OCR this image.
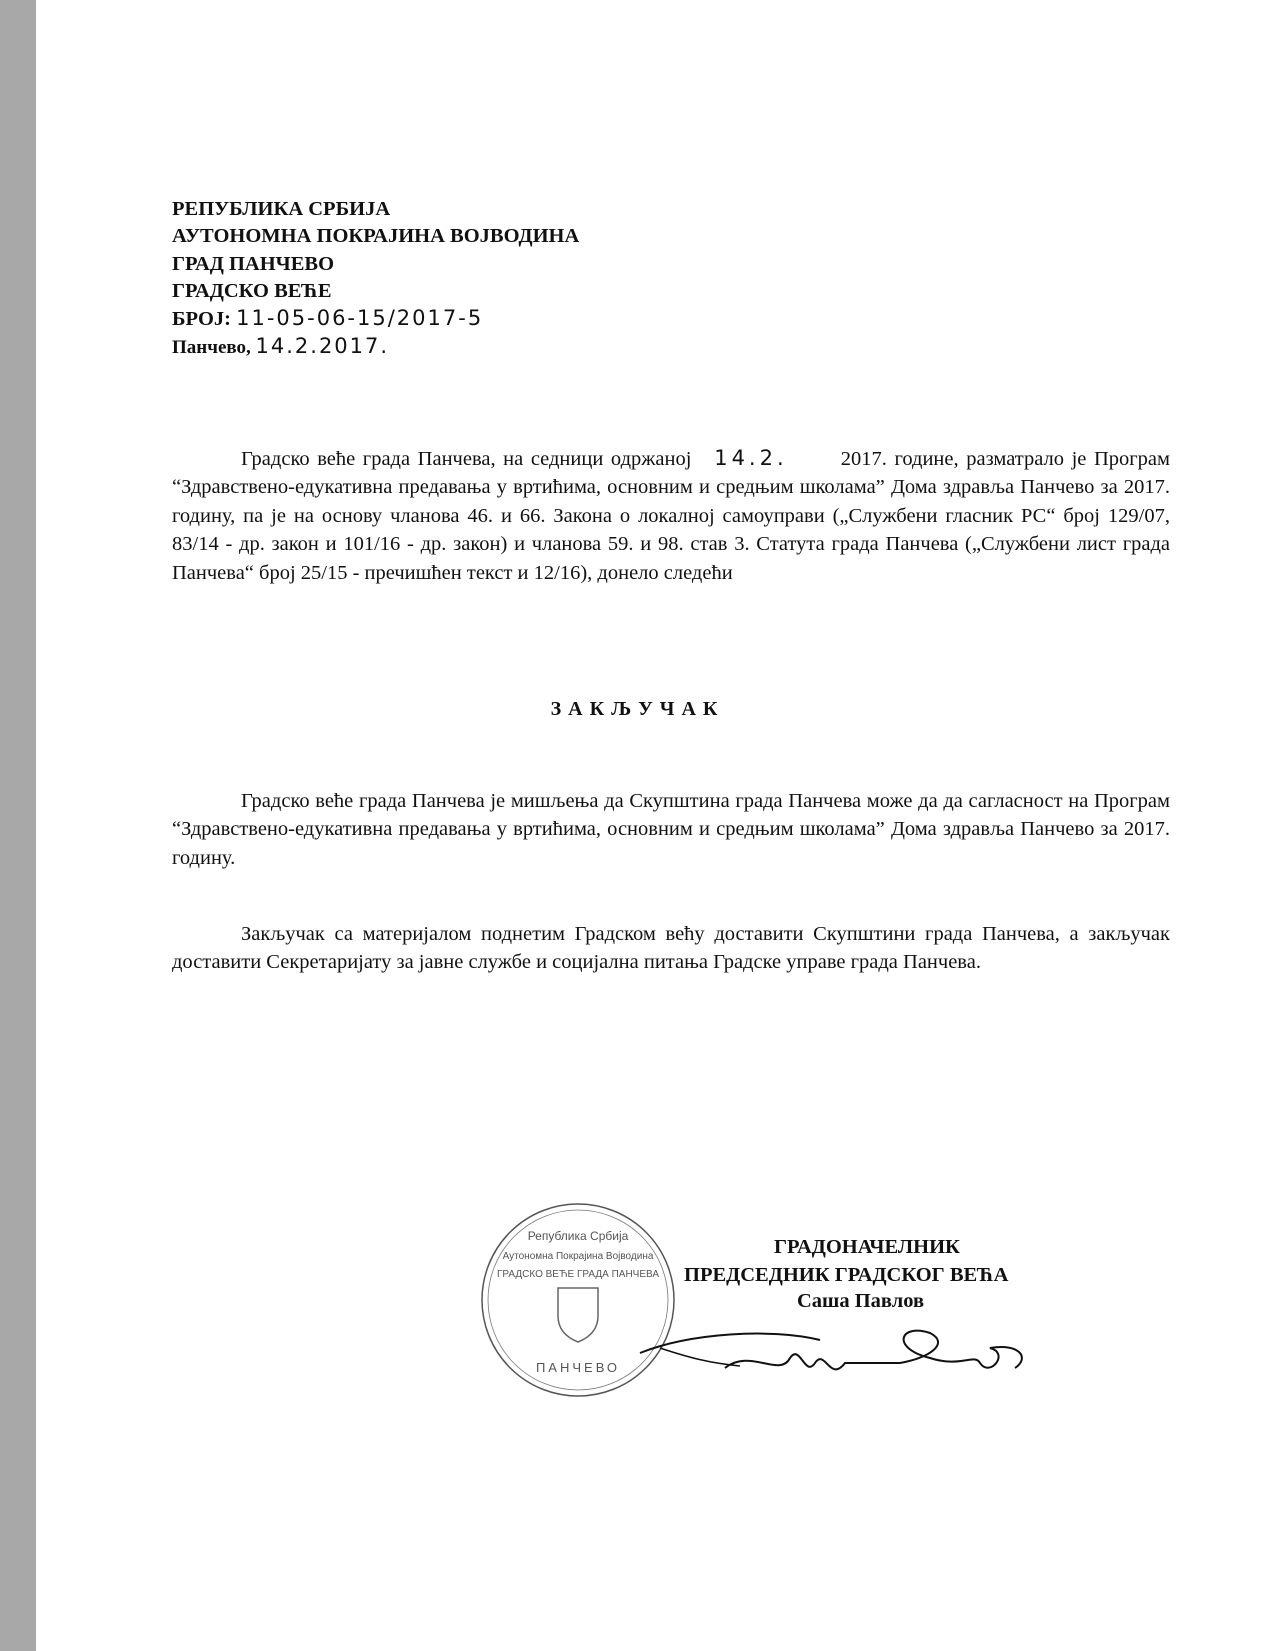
РЕПУБЛИКА СРБИЈА
АУТОНОМНА ПОКРАЈИНА ВОЈВОДИНА
ГРАД ПАНЧЕВО
ГРАДСКО ВЕЋЕ
БРОЈ: 11-05-06-15/2017-5
Панчево, 14.2.2017.
Градско веће града Панчева, на седници одржаној 14.2.	2017. године, разматрало је Програм “Здравствено-едукативна предавања у вртићима, основним и средњим школама” Дома здравља Панчево за 2017. годину, па је на основу чланова 46. и 66. Закона о локалној самоуправи („Службени гласник РС“ број 129/07, 83/14 - др. закон и 101/16 - др. закон) и чланова 59. и 98. став 3. Статута града Панчева („Службени лист града Панчева“ број 25/15 - пречишћен текст и 12/16), донело следећи
ЗАКЉУЧАК
Градско веће града Панчева је мишљења да Скупштина града Панчева може да да сагласност на Програм “Здравствено-едукативна предавања у вртићима, основним и средњим школама” Дома здравља Панчево за 2017. годину.
Закључак са материјалом поднетим Градском већу доставити Скупштини града Панчева, а закључак доставити Секретаријату за јавне службе и социјална питања Градске управе града Панчева.
Република Србија
Аутономна Покрајина Војводина
ГРАДСКО ВЕЋЕ ГРАДА ПАНЧЕВА
ПАНЧЕВО
ГРАДОНАЧЕЛНИК
ПРЕДСЕДНИК ГРАДСКОГ ВЕЋА
Саша Павлов
